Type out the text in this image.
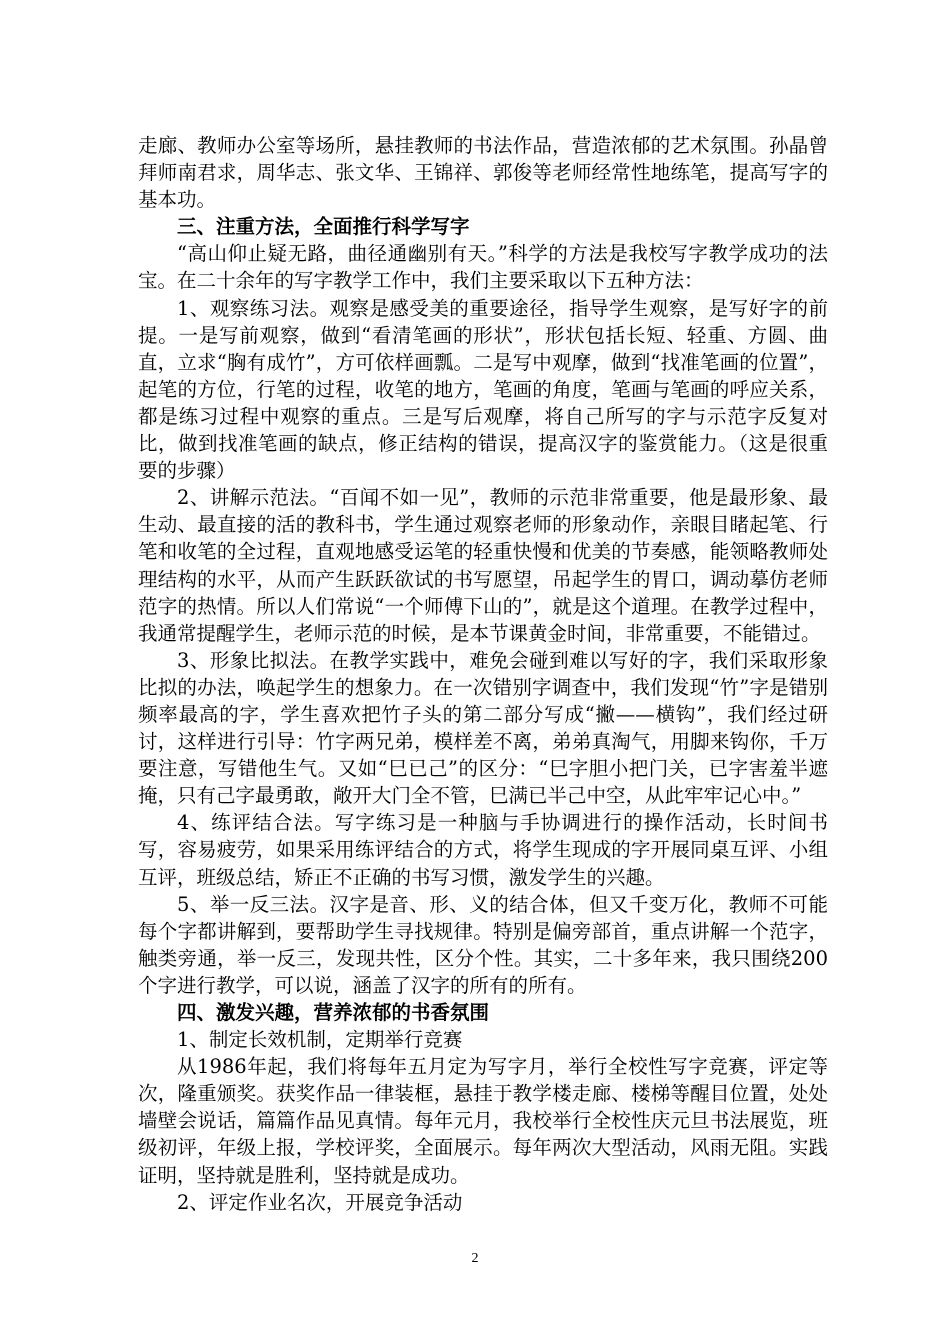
走廊、教师办公室等场所，悬挂教师的书法作品，营造浓郁的艺术氛围。孙晶曾拜师南君求，周华志、张文华、王锦祥、郭俊等老师经常性地练笔，提高写字的基本功。

三、注重方法，全面推行科学写字

“高山仰止疑无路，曲径通幽别有天。”科学的方法是我校写字教学成功的法宝。在二十余年的写字教学工作中，我们主要采取以下五种方法：

1、观察练习法。观察是感受美的重要途径，指导学生观察，是写好字的前提。一是写前观察，做到“看清笔画的形状”，形状包括长短、轻重、方圆、曲直，立求“胸有成竹”，方可依样画瓢。二是写中观摩，做到“找准笔画的位置”，起笔的方位，行笔的过程，收笔的地方，笔画的角度，笔画与笔画的呼应关系，都是练习过程中观察的重点。三是写后观摩，将自己所写的字与示范字反复对比，做到找准笔画的缺点，修正结构的错误，提高汉字的鉴赏能力。（这是很重要的步骤）

2、讲解示范法。“百闻不如一见”，教师的示范非常重要，他是最形象、最生动、最直接的活的教科书，学生通过观察老师的形象动作，亲眼目睹起笔、行笔和收笔的全过程，直观地感受运笔的轻重快慢和优美的节奏感，能领略教师处理结构的水平，从而产生跃跃欲试的书写愿望，吊起学生的胃口，调动摹仿老师范字的热情。所以人们常说“一个师傅下山的”，就是这个道理。在教学过程中，我通常提醒学生，老师示范的时候，是本节课黄金时间，非常重要，不能错过。

3、形象比拟法。在教学实践中，难免会碰到难以写好的字，我们采取形象比拟的办法，唤起学生的想象力。在一次错别字调查中，我们发现“竹”字是错别频率最高的字，学生喜欢把竹子头的第二部分写成“撇——横钩”，我们经过研讨，这样进行引导：竹字两兄弟，模样差不离，弟弟真淘气，用脚来钩你，千万要注意，写错他生气。又如“巳已己”的区分：“巳字胆小把门关，已字害羞半遮掩，只有己字最勇敢，敞开大门全不管，巳满已半己中空，从此牢牢记心中。”

4、练评结合法。写字练习是一种脑与手协调进行的操作活动，长时间书写，容易疲劳，如果采用练评结合的方式，将学生现成的字开展同桌互评、小组互评，班级总结，矫正不正确的书写习惯，激发学生的兴趣。

5、举一反三法。汉字是音、形、义的结合体，但又千变万化，教师不可能每个字都讲解到，要帮助学生寻找规律。特别是偏旁部首，重点讲解一个范字，触类旁通，举一反三，发现共性，区分个性。其实，二十多年来，我只围绕200个字进行教学，可以说，涵盖了汉字的所有的所有。

四、激发兴趣，营养浓郁的书香氛围

1、制定长效机制，定期举行竞赛

从1986年起，我们将每年五月定为写字月，举行全校性写字竞赛，评定等次，隆重颁奖。获奖作品一律装框，悬挂于教学楼走廊、楼梯等醒目位置，处处墙壁会说话，篇篇作品见真情。每年元月，我校举行全校性庆元旦书法展览，班级初评，年级上报，学校评奖，全面展示。每年两次大型活动，风雨无阻。实践证明，坚持就是胜利，坚持就是成功。

2、评定作业名次，开展竞争活动

2
